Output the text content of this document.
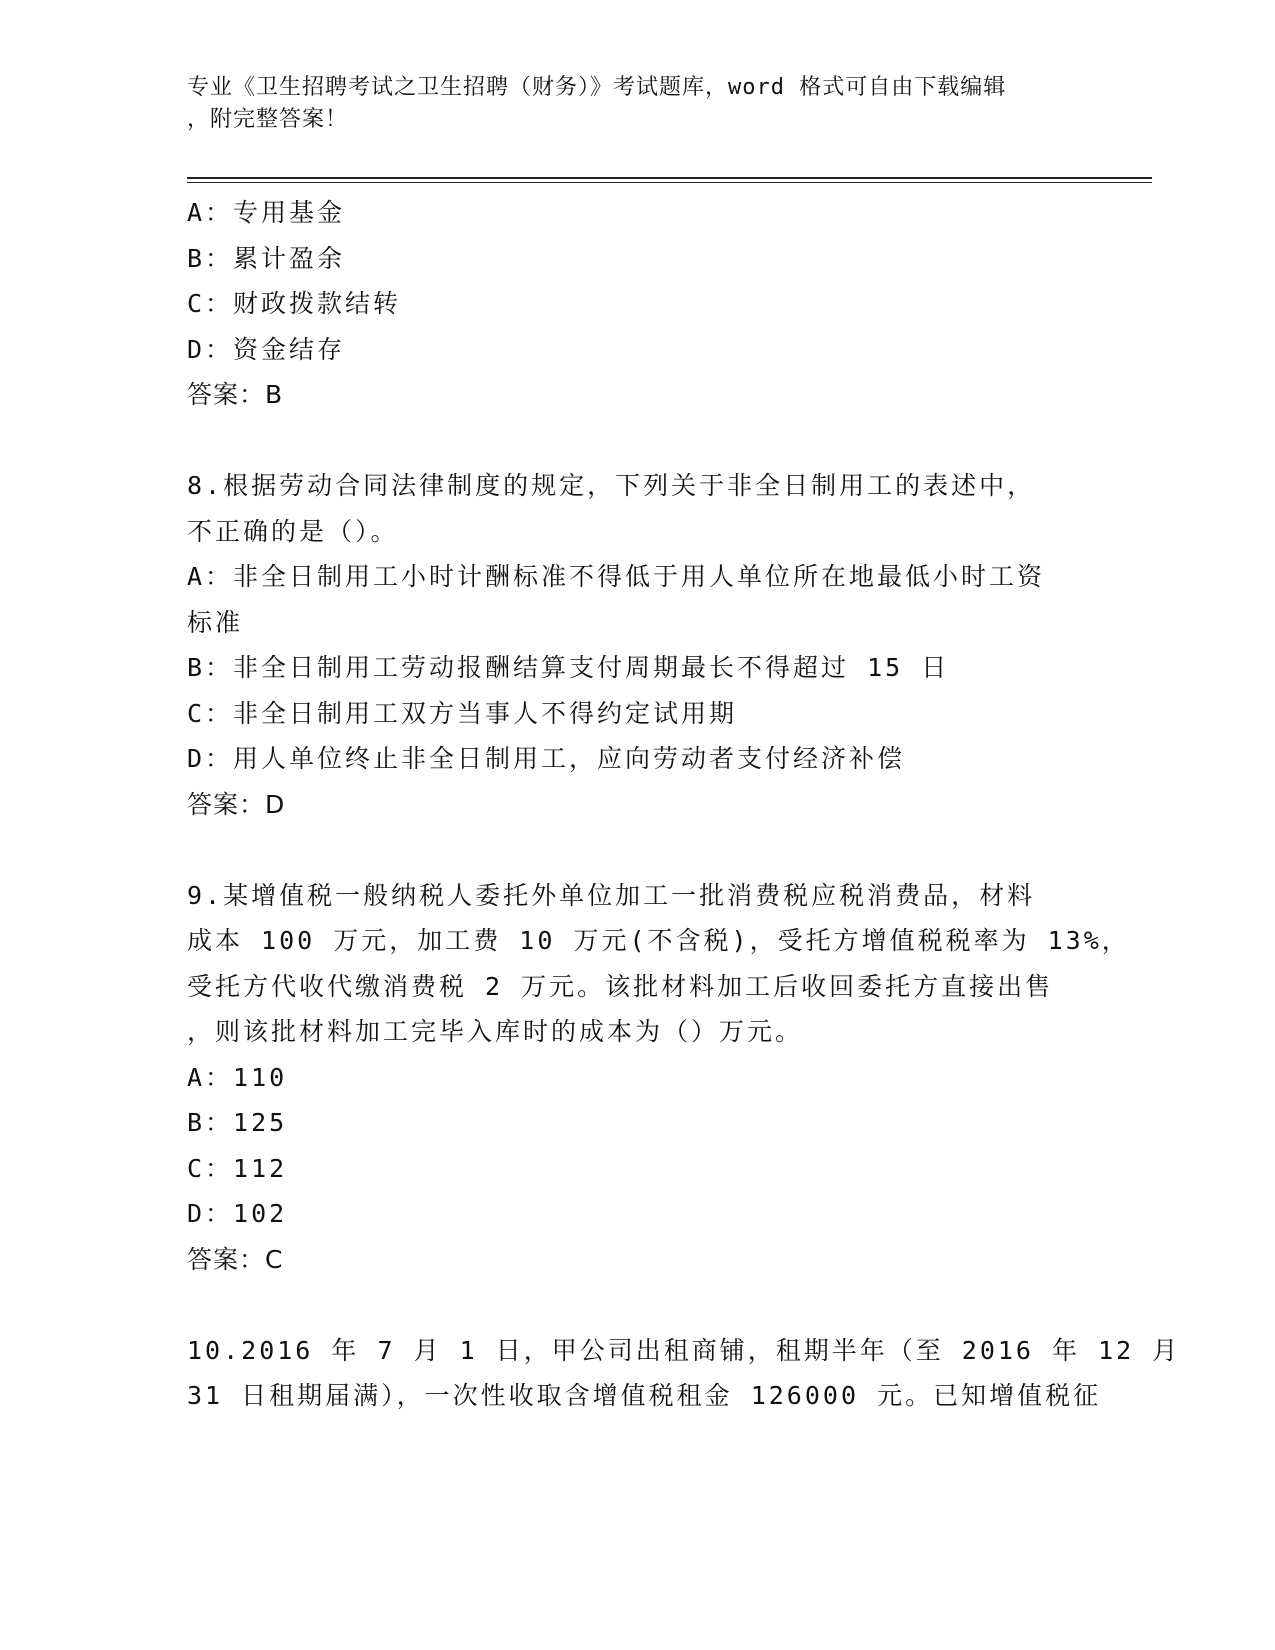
专业《卫生招聘考试之卫生招聘（财务）》考试题库，word 格式可自由下载编辑
，附完整答案！
A：专用基金
B：累计盈余
C：财政拨款结转
D：资金结存
答案：B
8.根据劳动合同法律制度的规定，下列关于非全日制用工的表述中，
不正确的是（）。
A：非全日制用工小时计酬标准不得低于用人单位所在地最低小时工资
标准
B：非全日制用工劳动报酬结算支付周期最长不得超过 15 日
C：非全日制用工双方当事人不得约定试用期
D：用人单位终止非全日制用工，应向劳动者支付经济补偿
答案：D
9.某增值税一般纳税人委托外单位加工一批消费税应税消费品，材料
成本 100 万元，加工费 10 万元(不含税)，受托方增值税税率为 13%，
受托方代收代缴消费税 2 万元。该批材料加工后收回委托方直接出售
，则该批材料加工完毕入库时的成本为（）万元。
A：110
B：125
C：112
D：102
答案：C
10.2016 年 7 月 1 日，甲公司出租商铺，租期半年（至 2016 年 12 月
31 日租期届满），一次性收取含增值税租金 126000 元。已知增值税征
